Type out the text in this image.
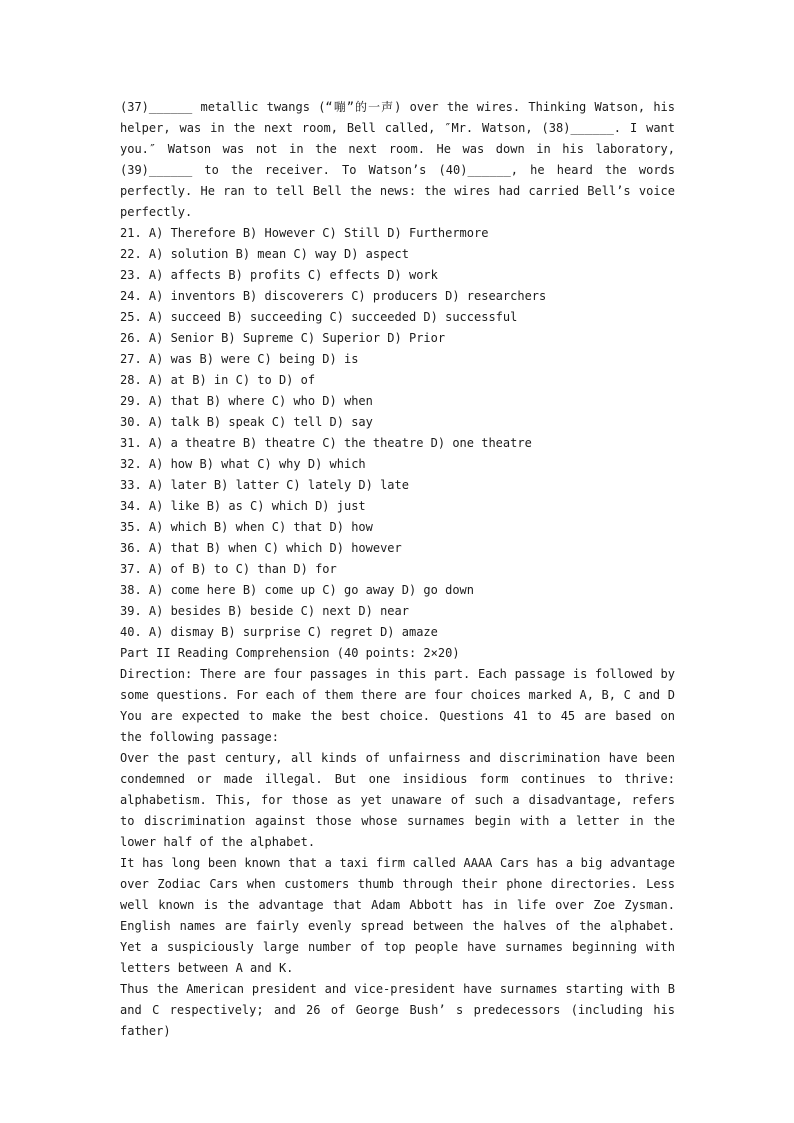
(37)______ metallic twangs (“嘣”的一声) over the wires. Thinking Watson, his helper, was in the next room, Bell called, ″Mr. Watson, (38)______. I want you.″ Watson was not in the next room. He was down in his laboratory, (39)______ to the receiver. To Watson’s (40)______, he heard the words perfectly. He ran to tell Bell the news: the wires had carried Bell’s voice perfectly.

21. A) Therefore B) However C) Still D) Furthermore

22. A) solution B) mean C) way D) aspect

23. A) affects B) profits C) effects D) work

24. A) inventors B) discoverers C) producers D) researchers

25. A) succeed B) succeeding C) succeeded D) successful

26. A) Senior B) Supreme C) Superior D) Prior

27. A) was B) were C) being D) is

28. A) at B) in C) to D) of

29. A) that B) where C) who D) when

30. A) talk B) speak C) tell D) say

31. A) a theatre B) theatre C) the theatre D) one theatre

32. A) how B) what C) why D) which

33. A) later B) latter C) lately D) late

34. A) like B) as C) which D) just

35. A) which B) when C) that D) how

36. A) that B) when C) which D) however

37. A) of B) to C) than D) for

38. A) come here B) come up C) go away D) go down

39. A) besides B) beside C) next D) near

40. A) dismay B) surprise C) regret D) amaze

Part II Reading Comprehension (40 points: 2×20)

Direction: There are four passages in this part. Each passage is followed by some questions. For each of them there are four choices marked A, B, C and D You are expected to make the best choice. Questions 41 to 45 are based on the following passage:

Over the past century, all kinds of unfairness and discrimination have been condemned or made illegal. But one insidious form continues to thrive: alphabetism. This, for those as yet unaware of such a disadvantage, refers to discrimination against those whose surnames begin with a letter in the lower half of the alphabet.

It has long been known that a taxi firm called AAAA Cars has a big advantage over Zodiac Cars when customers thumb through their phone directories. Less well known is the advantage that Adam Abbott has in life over Zoe Zysman. English names are fairly evenly spread between the halves of the alphabet. Yet a suspiciously large number of top people have surnames beginning with letters between A and K.

Thus the American president and vice-president have surnames starting with B and C respectively; and 26 of George Bush’ s predecessors (including his father)
